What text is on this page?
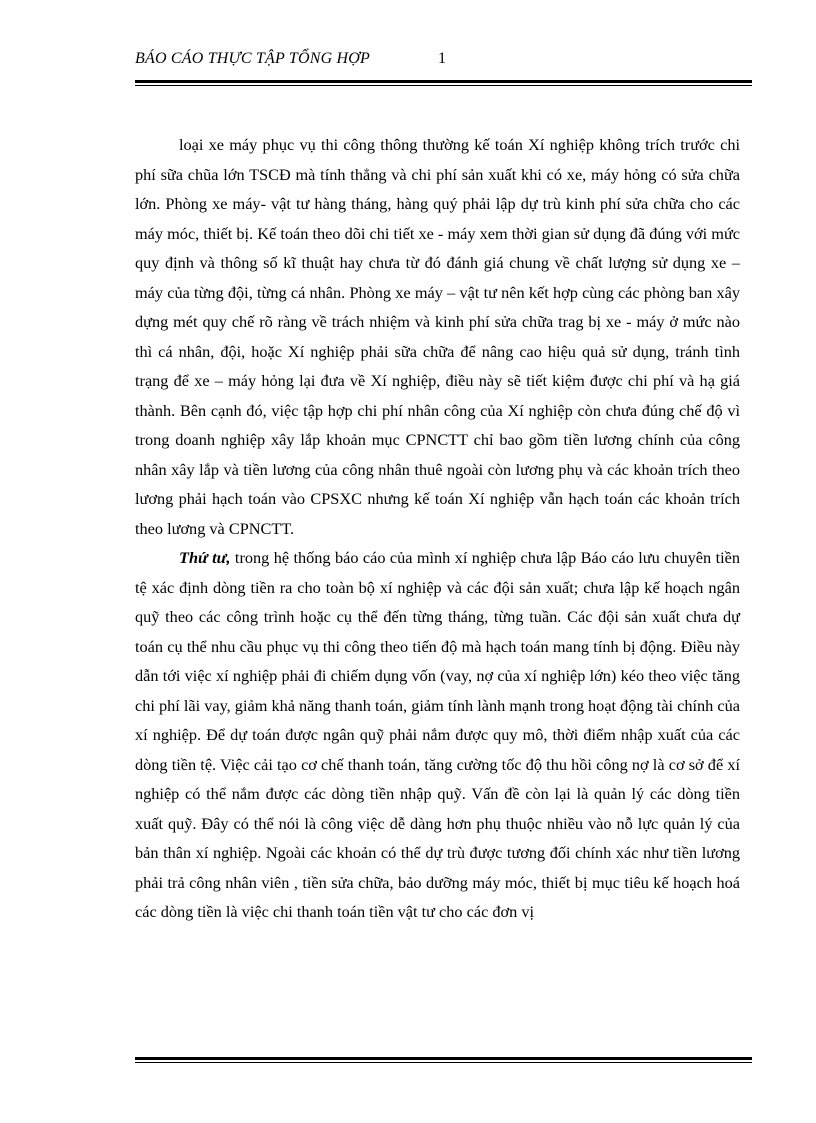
BÁO CÁO THỰC TẬP TỔNG HỢP	1

loại xe máy phục vụ thi công thông thường kế toán Xí nghiệp không trích trước chi phí sữa chũa lớn TSCĐ mà tính thẳng và chi phí sản xuất khi có xe, máy hỏng có sửa chữa lớn. Phòng xe máy- vật tư hàng tháng, hàng quý phải lập dự trù kinh phí sửa chữa cho các máy móc, thiết bị. Kế toán theo dõi chi tiết xe - máy xem thời gian sử dụng đã đúng với mức quy định và thông số kĩ thuật hay chưa từ đó đánh giá chung về chất lượng sử dụng xe – máy của từng đội, từng cá nhân. Phòng xe máy – vật tư nên kết hợp cùng các phòng ban xây dựng mét quy chế rõ ràng về trách nhiệm và kinh phí sửa chữa trag bị xe - máy ở mức nào thì cá nhân, đội, hoặc Xí nghiệp phải sữa chữa để nâng cao hiệu quả sử dụng, tránh tình trạng để xe – máy hỏng lại đưa về Xí nghiệp, điều này sẽ tiết kiệm được chi phí và hạ giá thành. Bên cạnh đó, việc tập hợp chi phí nhân công của Xí nghiệp còn chưa đúng chế độ vì trong doanh nghiệp xây lắp khoản mục CPNCTT chỉ bao gồm tiền lương chính của công nhân xây lắp và tiền lương của công nhân thuê ngoài còn lương phụ và các khoản trích theo lương phải hạch toán vào CPSXC nhưng kế toán Xí nghiệp vẫn hạch toán các khoản trích theo lương và CPNCTT.

Thứ tư, trong hệ thống báo cáo của mình xí nghiệp chưa lập Báo cáo lưu chuyên tiền tệ xác định dòng tiền ra cho toàn bộ xí nghiệp và các đội sản xuất; chưa lập kế hoạch ngân quỹ theo các công trình hoặc cụ thể đến từng tháng, từng tuần. Các đội sản xuất chưa dự toán cụ thể nhu cầu phục vụ thi công theo tiến độ mà hạch toán mang tính bị động. Điều này dẫn tới việc xí nghiệp phải đi chiếm dụng vốn (vay, nợ của xí nghiệp lớn) kéo theo việc tăng chi phí lãi vay, giảm khả năng thanh toán, giảm tính lành mạnh trong hoạt động tài chính của xí nghiệp. Để dự toán được ngân quỹ phải nắm được quy mô, thời điểm nhập xuất của các dòng tiền tệ. Việc cải tạo cơ chế thanh toán, tăng cường tốc độ thu hồi công nợ là cơ sở để xí nghiệp có thể nắm được các dòng tiền nhập quỹ. Vấn đề còn lại là quản lý các dòng tiền xuất quỹ. Đây có thể nói là công việc dễ dàng hơn phụ thuộc nhiều vào nỗ lực quản lý của bản thân xí nghiệp. Ngoài các khoản có thể dự trù được tương đối chính xác như tiền lương phải trả công nhân viên , tiền sửa chữa, bảo dưỡng máy móc, thiết bị mục tiêu kế hoạch hoá các dòng tiền là việc chi thanh toán tiền vật tư cho các đơn vị
